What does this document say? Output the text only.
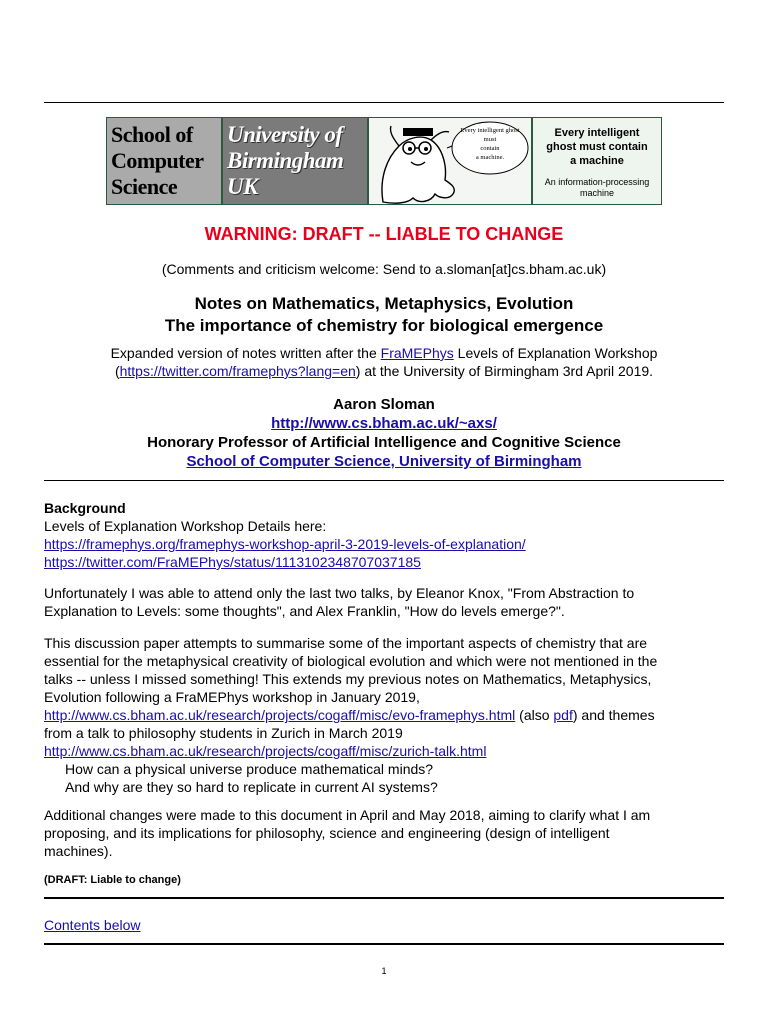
School of
Computer
Science
University of
Birmingham
UK
Every intelligent ghost
must
contain
a machine.
Every intelligent
ghost must contain
a machine
An information-processing
machine
WARNING: DRAFT -- LIABLE TO CHANGE
(Comments and criticism welcome: Send to a.sloman[at]cs.bham.ac.uk)
Notes on Mathematics, Metaphysics, Evolution
The importance of chemistry for biological emergence
Expanded version of notes written after the FraMEPhys Levels of Explanation Workshop
(https://twitter.com/framephys?lang=en) at the University of Birmingham 3rd April 2019.
Aaron Sloman
http://www.cs.bham.ac.uk/~axs/
Honorary Professor of Artificial Intelligence and Cognitive Science
School of Computer Science, University of Birmingham
Background
Levels of Explanation Workshop Details here:
https://framephys.org/framephys-workshop-april-3-2019-levels-of-explanation/
https://twitter.com/FraMEPhys/status/1113102348707037185
Unfortunately I was able to attend only the last two talks, by Eleanor Knox, "From Abstraction to
Explanation to Levels: some thoughts", and Alex Franklin, "How do levels emerge?".
This discussion paper attempts to summarise some of the important aspects of chemistry that are
essential for the metaphysical creativity of biological evolution and which were not mentioned in the
talks -- unless I missed something! This extends my previous notes on Mathematics, Metaphysics,
Evolution following a FraMEPhys workshop in January 2019,
http://www.cs.bham.ac.uk/research/projects/cogaff/misc/evo-framephys.html (also pdf) and themes
from a talk to philosophy students in Zurich in March 2019
http://www.cs.bham.ac.uk/research/projects/cogaff/misc/zurich-talk.html
How can a physical universe produce mathematical minds?
And why are they so hard to replicate in current AI systems?
Additional changes were made to this document in April and May 2018, aiming to clarify what I am
proposing, and its implications for philosophy, science and engineering (design of intelligent
machines).
(DRAFT: Liable to change)
Contents below
1
